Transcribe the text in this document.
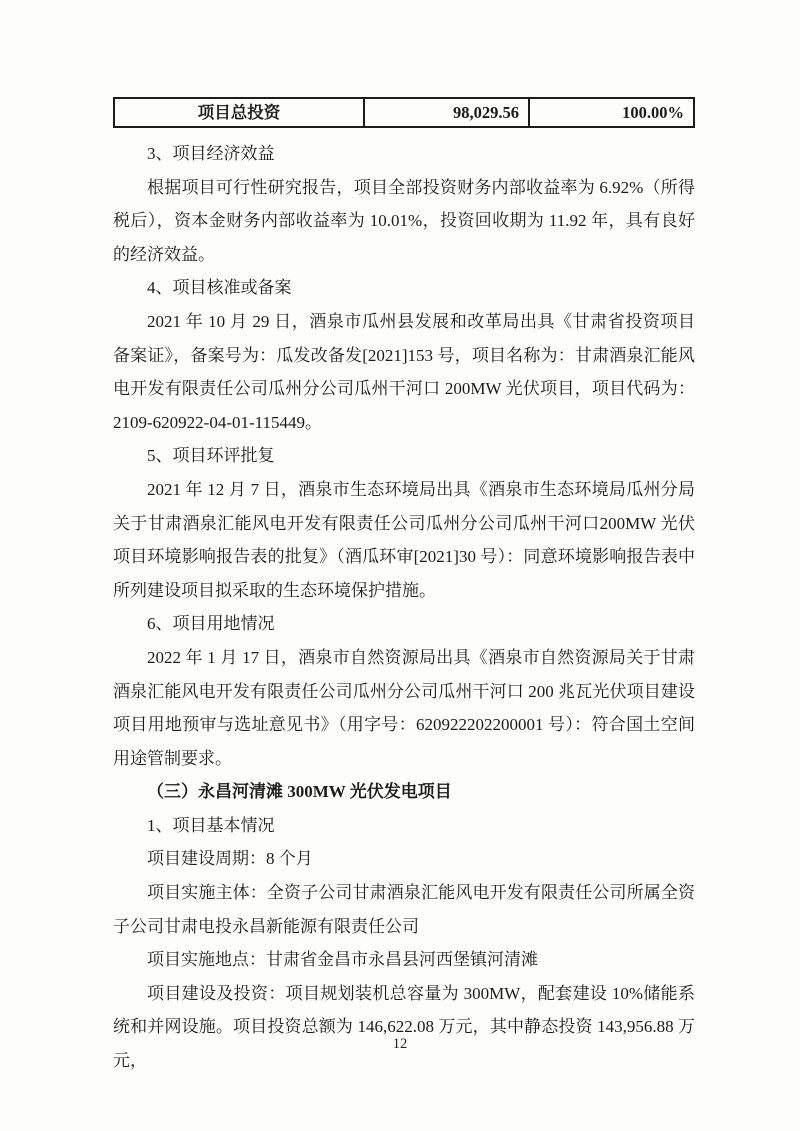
项目总投资	98,029.56	100.00%

3、项目经济效益

根据项目可行性研究报告，项目全部投资财务内部收益率为 6.92%（所得税后），资本金财务内部收益率为 10.01%，投资回收期为 11.92 年，具有良好的经济效益。

4、项目核准或备案

2021 年 10 月 29 日，酒泉市瓜州县发展和改革局出具《甘肃省投资项目备案证》，备案号为：瓜发改备发[2021]153 号，项目名称为：甘肃酒泉汇能风电开发有限责任公司瓜州分公司瓜州干河口 200MW 光伏项目，项目代码为：2109-620922-04-01-115449。

5、项目环评批复

2021 年 12 月 7 日，酒泉市生态环境局出具《酒泉市生态环境局瓜州分局关于甘肃酒泉汇能风电开发有限责任公司瓜州分公司瓜州干河口200MW 光伏项目环境影响报告表的批复》（酒瓜环审[2021]30 号）：同意环境影响报告表中所列建设项目拟采取的生态环境保护措施。

6、项目用地情况

2022 年 1 月 17 日，酒泉市自然资源局出具《酒泉市自然资源局关于甘肃酒泉汇能风电开发有限责任公司瓜州分公司瓜州干河口 200 兆瓦光伏项目建设项目用地预审与选址意见书》（用字号：620922202200001 号）：符合国土空间用途管制要求。

（三）永昌河清滩 300MW 光伏发电项目

1、项目基本情况

项目建设周期：8 个月

项目实施主体：全资子公司甘肃酒泉汇能风电开发有限责任公司所属全资子公司甘肃电投永昌新能源有限责任公司

项目实施地点：甘肃省金昌市永昌县河西堡镇河清滩

项目建设及投资：项目规划装机总容量为 300MW，配套建设 10%储能系统和并网设施。项目投资总额为 146,622.08 万元，其中静态投资 143,956.88 万元，

12
